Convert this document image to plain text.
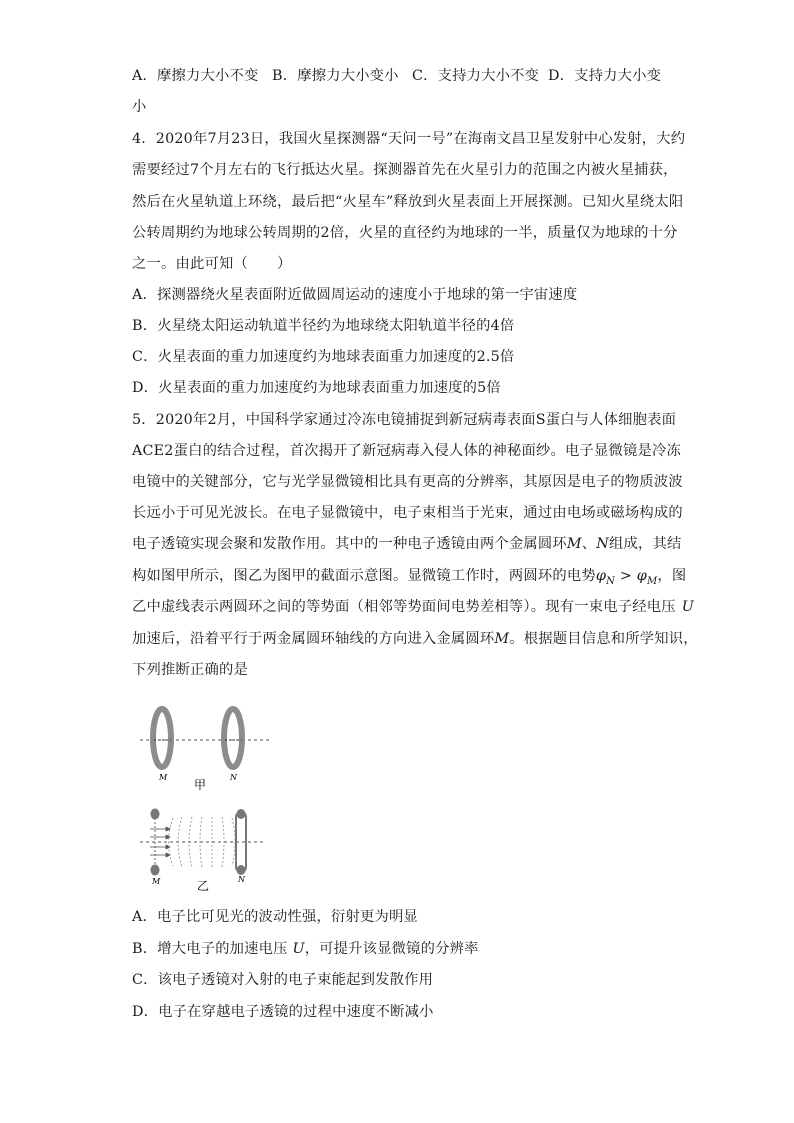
A．摩擦力大小不变 B．摩擦力大小变小 C．支持力大小不变 D．支持力大小变
小
4．2020年7月23日，我国火星探测器“天问一号”在海南文昌卫星发射中心发射，大约
需要经过7个月左右的飞行抵达火星。探测器首先在火星引力的范围之内被火星捕获，
然后在火星轨道上环绕，最后把“火星车”释放到火星表面上开展探测。已知火星绕太阳
公转周期约为地球公转周期的2倍，火星的直径约为地球的一半，质量仅为地球的十分
之一。由此可知（　　）
A．探测器绕火星表面附近做圆周运动的速度小于地球的第一宇宙速度
B．火星绕太阳运动轨道半径约为地球绕太阳轨道半径的4倍
C．火星表面的重力加速度约为地球表面重力加速度的2.5倍
D．火星表面的重力加速度约为地球表面重力加速度的5倍
5．2020年2月，中国科学家通过冷冻电镜捕捉到新冠病毒表面S蛋白与人体细胞表面
ACE2蛋白的结合过程，首次揭开了新冠病毒入侵人体的神秘面纱。电子显微镜是冷冻
电镜中的关键部分，它与光学显微镜相比具有更高的分辨率，其原因是电子的物质波波
长远小于可见光波长。在电子显微镜中，电子束相当于光束，通过由电场或磁场构成的
电子透镜实现会聚和发散作用。其中的一种电子透镜由两个金属圆环M、N组成，其结
构如图甲所示，图乙为图甲的截面示意图。显微镜工作时，两圆环的电势$\varphi_N > \varphi_M$，图
乙中虚线表示两圆环之间的等势面（相邻等势面间电势差相等）。现有一束电子经电压 U
加速后，沿着平行于两金属圆环轴线的方向进入金属圆环M。根据题目信息和所学知识，
下列推断正确的是
M	N
甲
M	N
乙
A．电子比可见光的波动性强，衍射更为明显
B．增大电子的加速电压 U，可提升该显微镜的分辨率
C．该电子透镜对入射的电子束能起到发散作用
D．电子在穿越电子透镜的过程中速度不断减小
